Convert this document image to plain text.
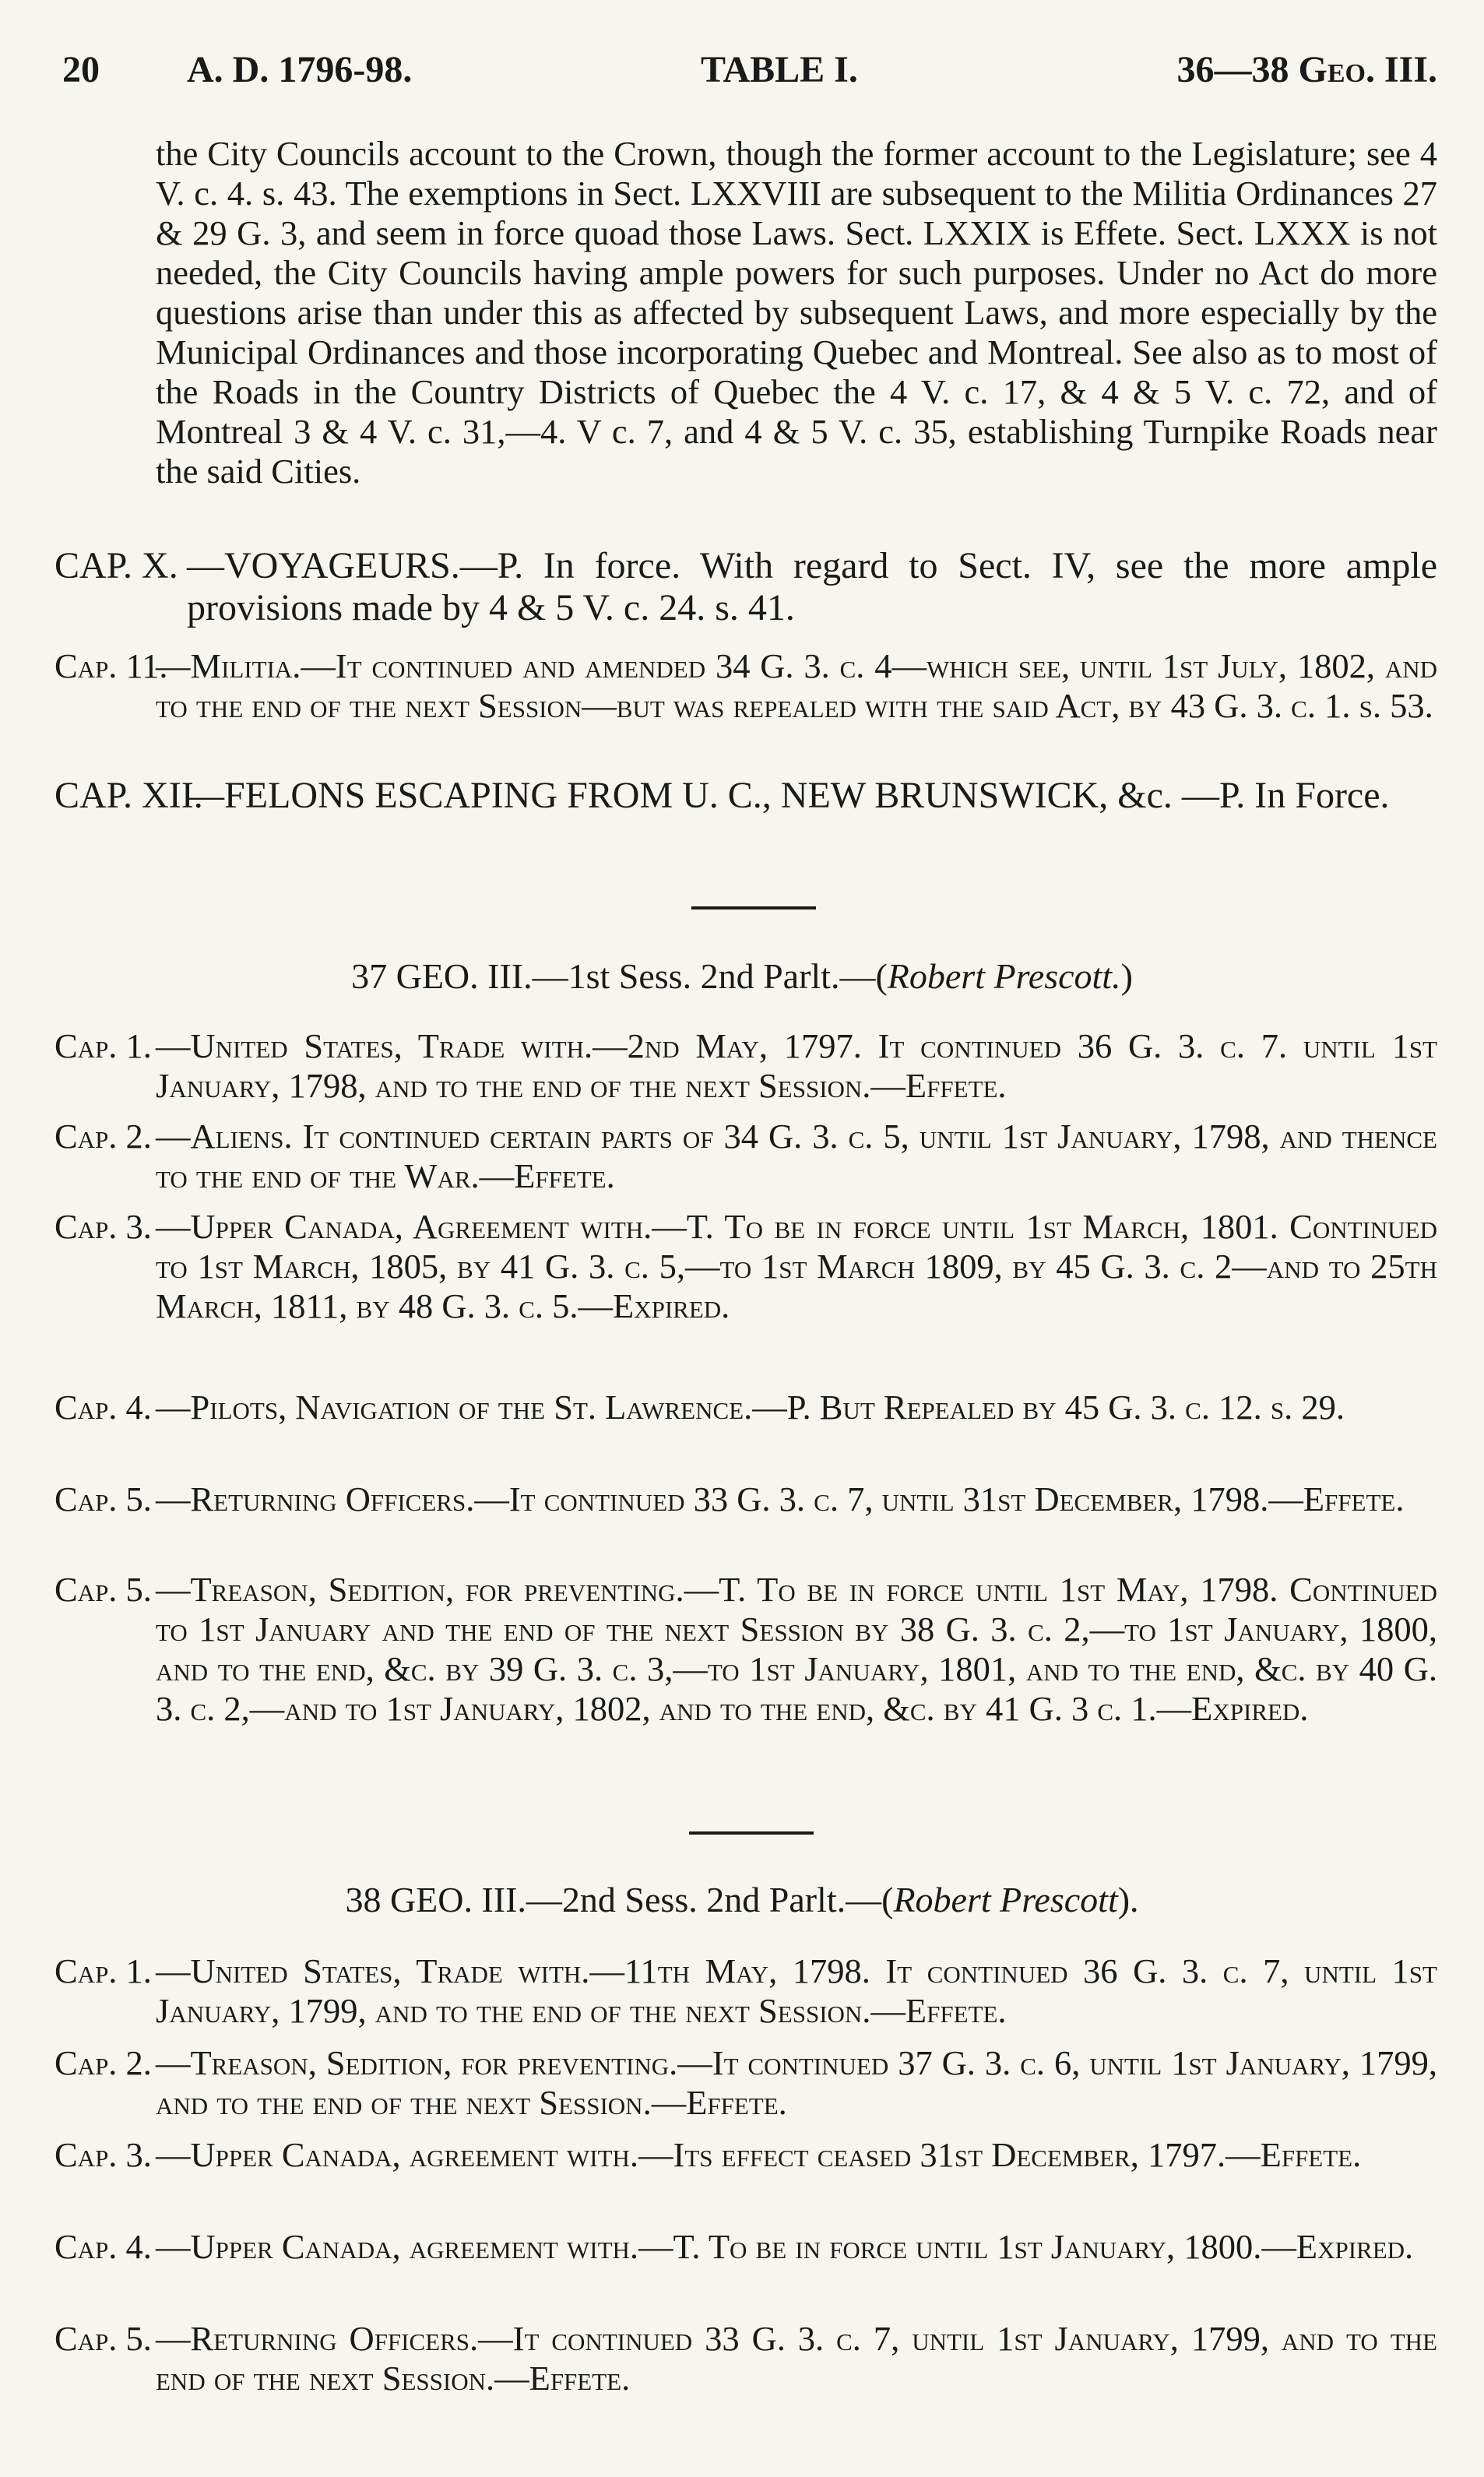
20 A. D. 1796-98.	TABLE I.	36—38 Geo. III.
the City Councils account to the Crown, though the former account to the Legislature; see 4 V. c. 4. s. 43. The exemptions in Sect. LXXVIII are subsequent to the Militia Ordinances 27 & 29 G. 3, and seem in force quoad those Laws. Sect. LXXIX is Effete. Sect. LXXX is not needed, the City Councils having ample powers for such purposes. Under no Act do more questions arise than under this as affected by subsequent Laws, and more especially by the Municipal Ordinances and those incorporating Quebec and Montreal. See also as to most of the Roads in the Country Districts of Quebec the 4 V. c. 17, & 4 & 5 V. c. 72, and of Montreal 3 & 4 V. c. 31,—4. V c. 7, and 4 & 5 V. c. 35, establishing Turnpike Roads near the said Cities.
CAP. X. —VOYAGEURS.—P. In force. With regard to Sect. IV, see the more ample provisions made by 4 & 5 V. c. 24. s. 41.
Cap. 11.
—Militia.—It continued and amended 34 G. 3. c. 4—which see, until 1st July, 1802, and to the end of the next Session—but was repealed with the said Act, by 43 G. 3. c. 1. s. 53.
CAP. XII.
—FELONS ESCAPING FROM U. C., NEW BRUNSWICK, &c. —P. In Force.
37 GEO. III.—1st Sess. 2nd Parlt.—(Robert Prescott.)
Cap. 1. —United States, Trade with.—2nd May, 1797. It continued 36 G. 3. c. 7. until 1st January, 1798, and to the end of the next Session.—Effete.
Cap. 2. —Aliens. It continued certain parts of 34 G. 3. c. 5, until 1st January, 1798, and thence to the end of the War.—Effete.
Cap. 3. —Upper Canada, Agreement with.—T. To be in force until 1st March, 1801. Continued to 1st March, 1805, by 41 G. 3. c. 5,—to 1st March 1809, by 45 G. 3. c. 2—and to 25th March, 1811, by 48 G. 3. c. 5.—Expired.
Cap. 4. —Pilots, Navigation of the St. Lawrence.—P. But Repealed by 45 G. 3. c. 12. s. 29.
Cap. 5. —Returning Officers.—It continued 33 G. 3. c. 7, until 31st December, 1798.—Effete.
Cap. 5. —Treason, Sedition, for preventing.—T. To be in force until 1st May, 1798. Continued to 1st January and the end of the next Session by 38 G. 3. c. 2,—to 1st January, 1800, and to the end, &c. by 39 G. 3. c. 3,—to 1st January, 1801, and to the end, &c. by 40 G. 3. c. 2,—and to 1st January, 1802, and to the end, &c. by 41 G. 3 c. 1.—Expired.
38 GEO. III.—2nd Sess. 2nd Parlt.—(Robert Prescott).
Cap. 1. —United States, Trade with.—11th May, 1798. It continued 36 G. 3. c. 7, until 1st January, 1799, and to the end of the next Session.—Effete.
Cap. 2. —Treason, Sedition, for preventing.—It continued 37 G. 3. c. 6, until 1st January, 1799, and to the end of the next Session.—Effete.
Cap. 3. —Upper Canada, agreement with.—Its effect ceased 31st December, 1797.—Effete.
Cap. 4. —Upper Canada, agreement with.—T. To be in force until 1st January, 1800.—Expired.
Cap. 5. —Returning Officers.—It continued 33 G. 3. c. 7, until 1st January, 1799, and to the end of the next Session.—Effete.
